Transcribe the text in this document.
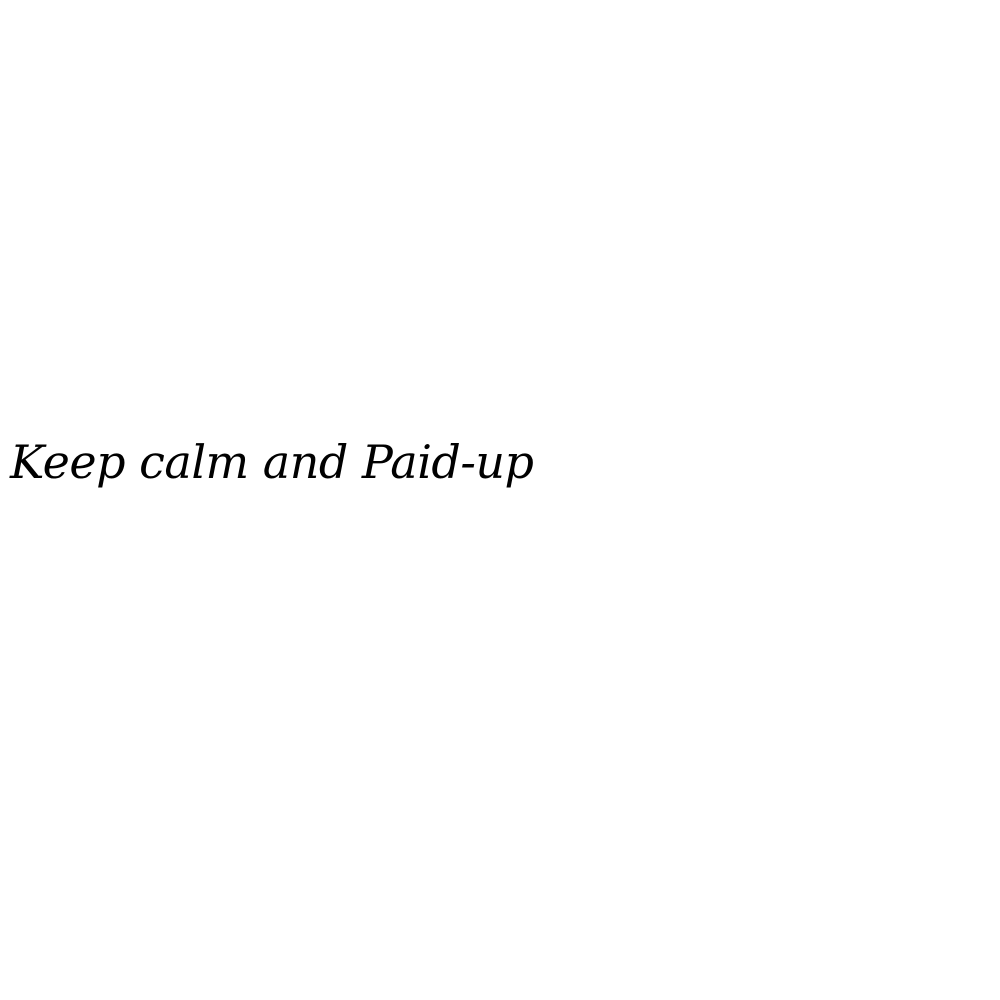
Keep calm and Paid-up
